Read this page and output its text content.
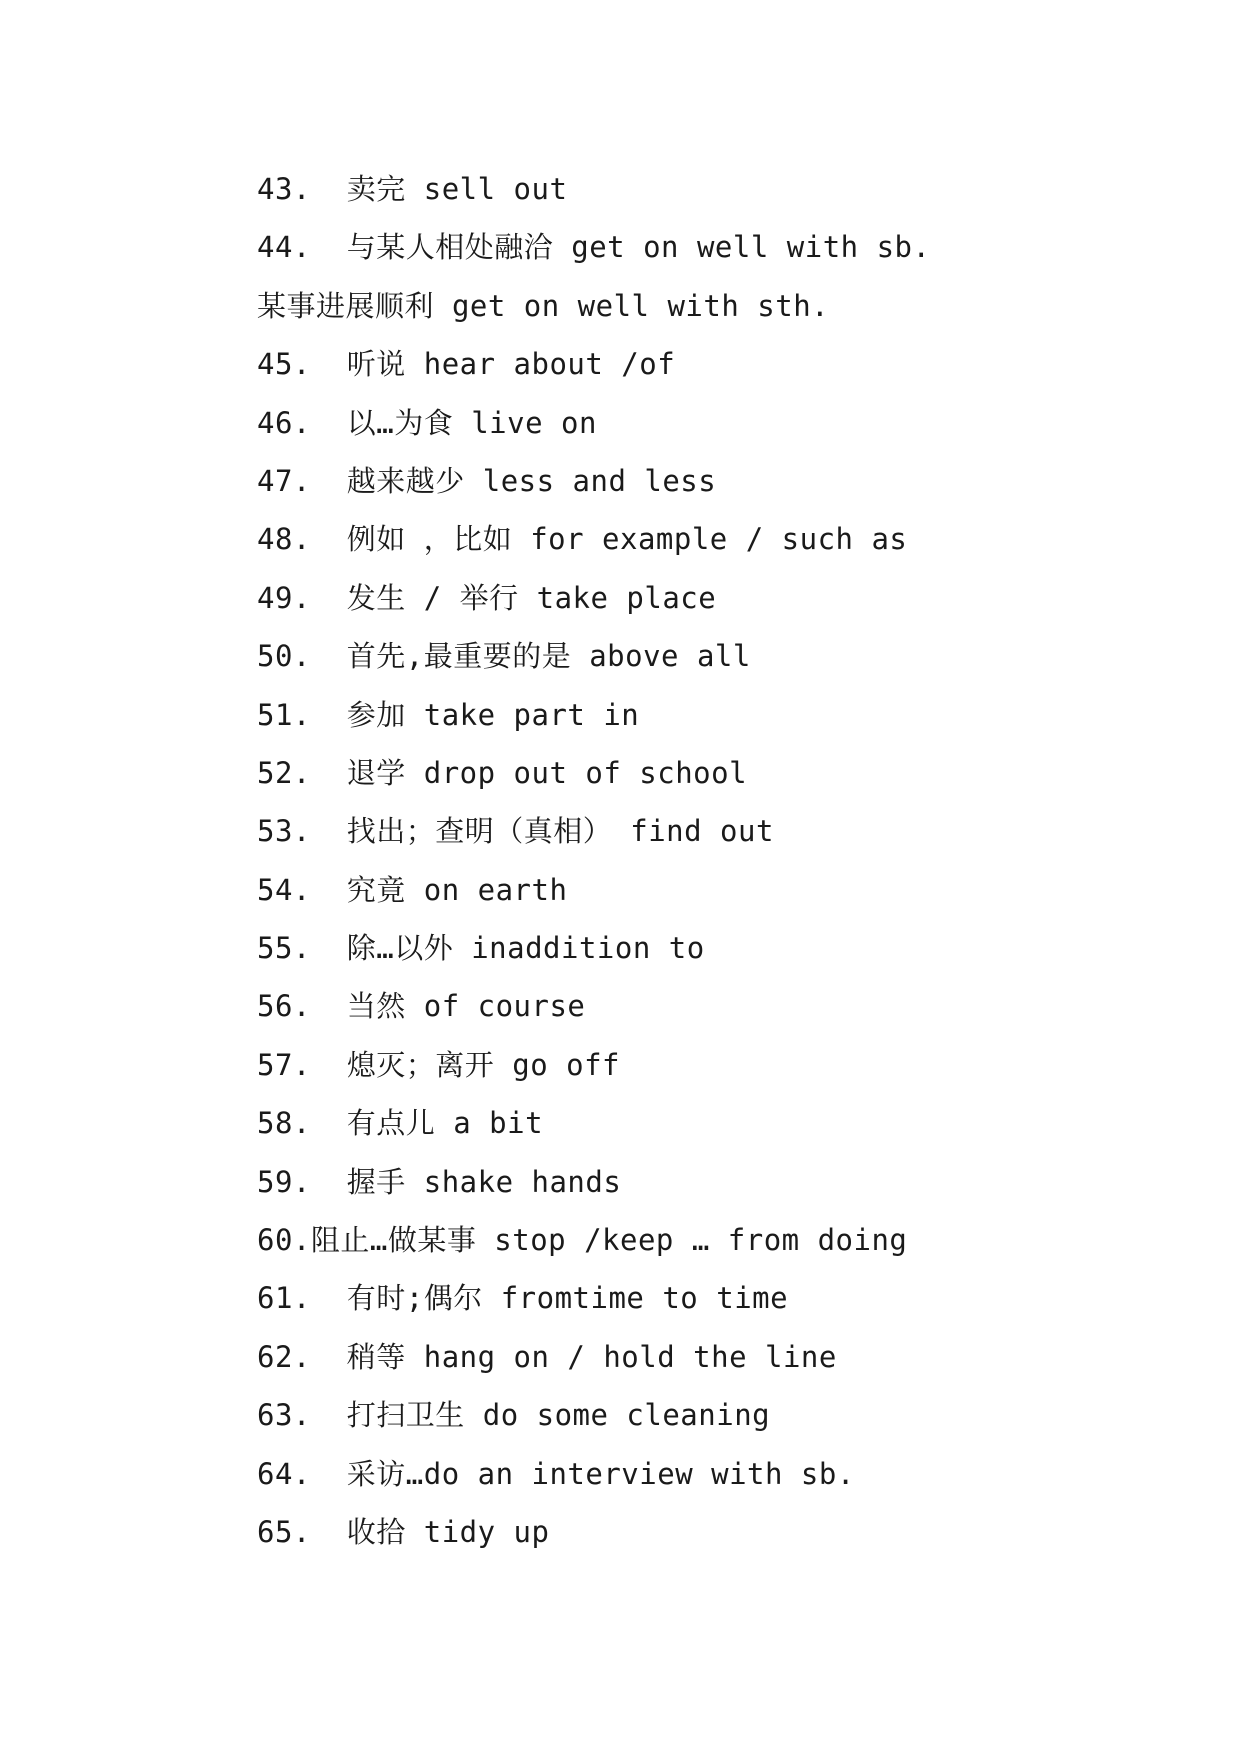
43.  卖完 sell out
44.  与某人相处融洽 get on well with sb.
某事进展顺利 get on well with sth.
45.  听说 hear about /of
46.  以…为食 live on
47.  越来越少 less and less
48.  例如 ，比如 for example / such as
49.  发生 / 举行 take place
50.  首先,最重要的是 above all
51.  参加 take part in
52.  退学 drop out of school
53.  找出；查明（真相） find out
54.  究竟 on earth
55.  除…以外 inaddition to
56.  当然 of course
57.  熄灭；离开 go off
58.  有点儿 a bit
59.  握手 shake hands
60.阻止…做某事 stop /keep … from doing
61.  有时;偶尔 fromtime to time
62.  稍等 hang on / hold the line
63.  打扫卫生 do some cleaning
64.  采访…do an interview with sb.
65.  收拾 tidy up
